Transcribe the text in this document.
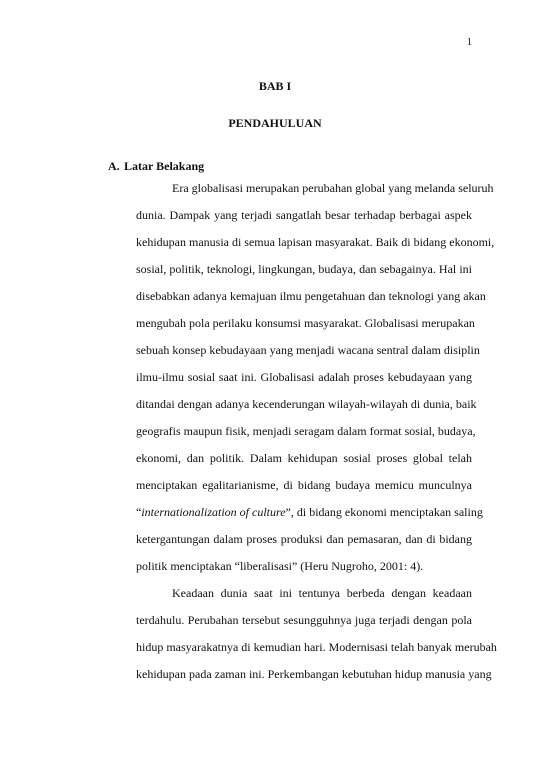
1
BAB I
PENDAHULUAN
A. Latar Belakang
Era globalisasi merupakan perubahan global yang melanda seluruh
dunia. Dampak yang terjadi sangatlah besar terhadap berbagai aspek
kehidupan manusia di semua lapisan masyarakat. Baik di bidang ekonomi,
sosial, politik, teknologi, lingkungan, budaya, dan sebagainya. Hal ini
disebabkan adanya kemajuan ilmu pengetahuan dan teknologi yang akan
mengubah pola perilaku konsumsi masyarakat. Globalisasi merupakan
sebuah konsep kebudayaan yang menjadi wacana sentral dalam disiplin
ilmu-ilmu sosial saat ini. Globalisasi adalah proses kebudayaan yang
ditandai dengan adanya kecenderungan wilayah-wilayah di dunia, baik
geografis maupun fisik, menjadi seragam dalam format sosial, budaya,
ekonomi, dan politik. Dalam kehidupan sosial proses global telah
menciptakan egalitarianisme, di bidang budaya memicu munculnya
“internationalization of culture”, di bidang ekonomi menciptakan saling
ketergantungan dalam proses produksi dan pemasaran, dan di bidang
politik menciptakan “liberalisasi” (Heru Nugroho, 2001: 4).
Keadaan dunia saat ini tentunya berbeda dengan keadaan
terdahulu. Perubahan tersebut sesungguhnya juga terjadi dengan pola
hidup masyarakatnya di kemudian hari. Modernisasi telah banyak merubah
kehidupan pada zaman ini. Perkembangan kebutuhan hidup manusia yang
